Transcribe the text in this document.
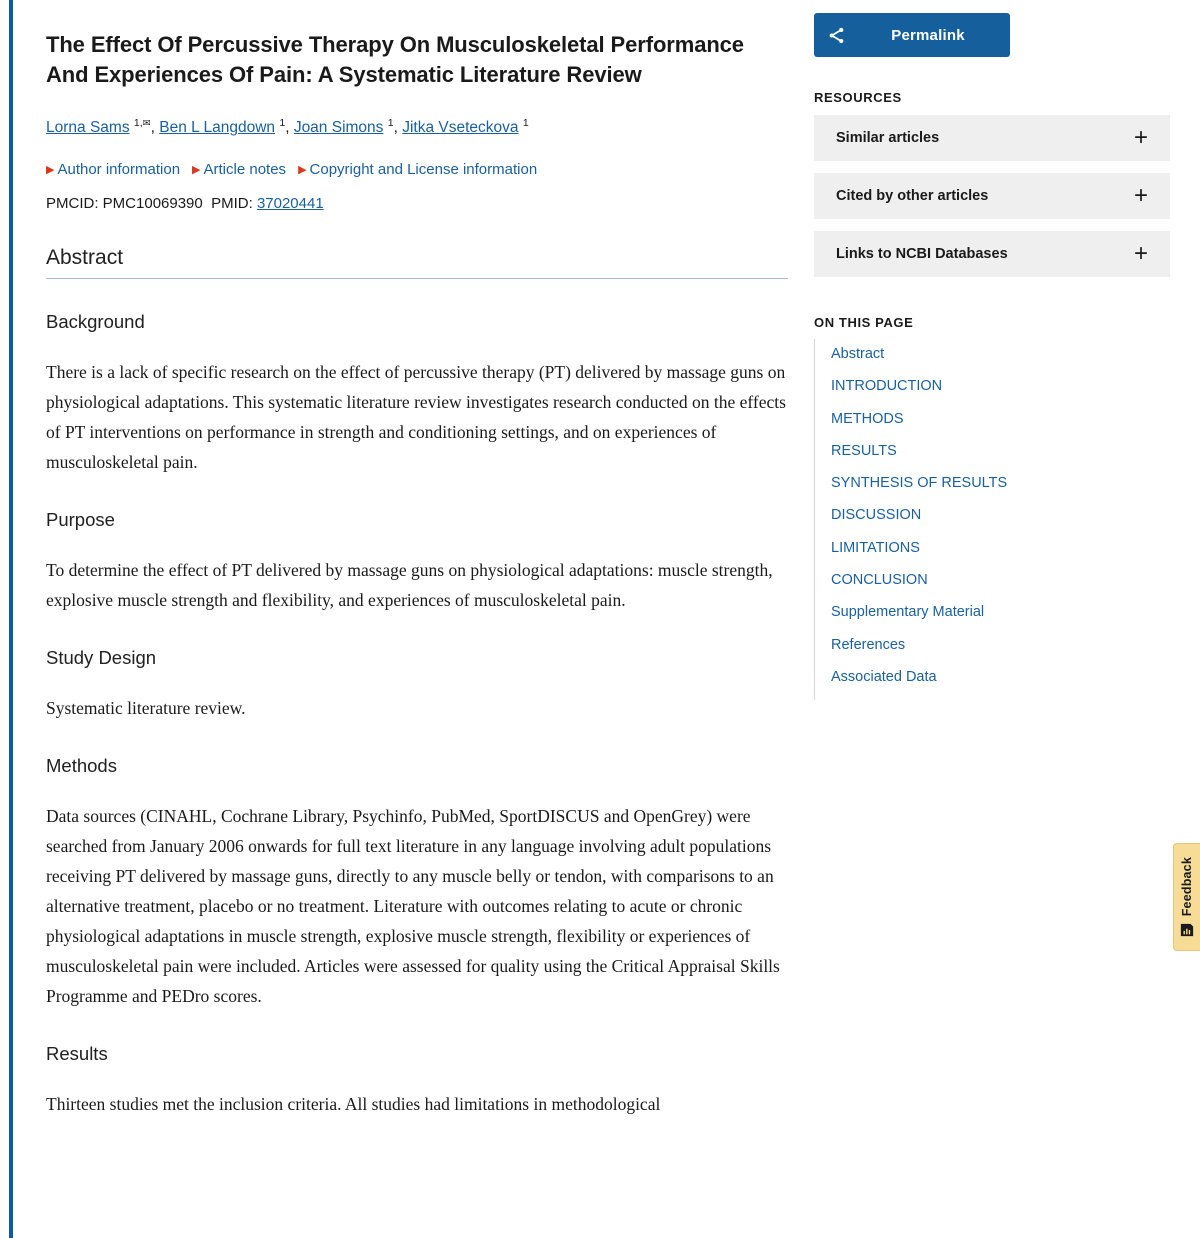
The Effect Of Percussive Therapy On Musculoskeletal Performance And Experiences Of Pain: A Systematic Literature Review
Lorna Sams $^{1,✉}$, Ben L Langdown $^1$, Joan Simons $^1$, Jitka Vseteckova $^1$
▶ Author information ▶ Article notes ▶ Copyright and License information
PMCID: PMC10069390 PMID: 37020441
Abstract
Background

There is a lack of specific research on the effect of percussive therapy (PT) delivered by massage guns on physiological adaptations. This systematic literature review investigates research conducted on the effects of PT interventions on performance in strength and conditioning settings, and on experiences of musculoskeletal pain.

Purpose

To determine the effect of PT delivered by massage guns on physiological adaptations: muscle strength, explosive muscle strength and flexibility, and experiences of musculoskeletal pain.

Study Design

Systematic literature review.

Methods

Data sources (CINAHL, Cochrane Library, Psychinfo, PubMed, SportDISCUS and OpenGrey) were searched from January 2006 onwards for full text literature in any language involving adult populations receiving PT delivered by massage guns, directly to any muscle belly or tendon, with comparisons to an alternative treatment, placebo or no treatment. Literature with outcomes relating to acute or chronic physiological adaptations in muscle strength, explosive muscle strength, flexibility or experiences of musculoskeletal pain were included. Articles were assessed for quality using the Critical Appraisal Skills Programme and PEDro scores.

Results

Thirteen studies met the inclusion criteria. All studies had limitations in methodological

Permalink
RESOURCES
Similar articles	+
Cited by other articles	+
Links to NCBI Databases	+
ON THIS PAGE
Abstract
INTRODUCTION
METHODS
RESULTS
SYNTHESIS OF RESULTS
DISCUSSION
LIMITATIONS
CONCLUSION
Supplementary Material
References
Associated Data
Feedback
